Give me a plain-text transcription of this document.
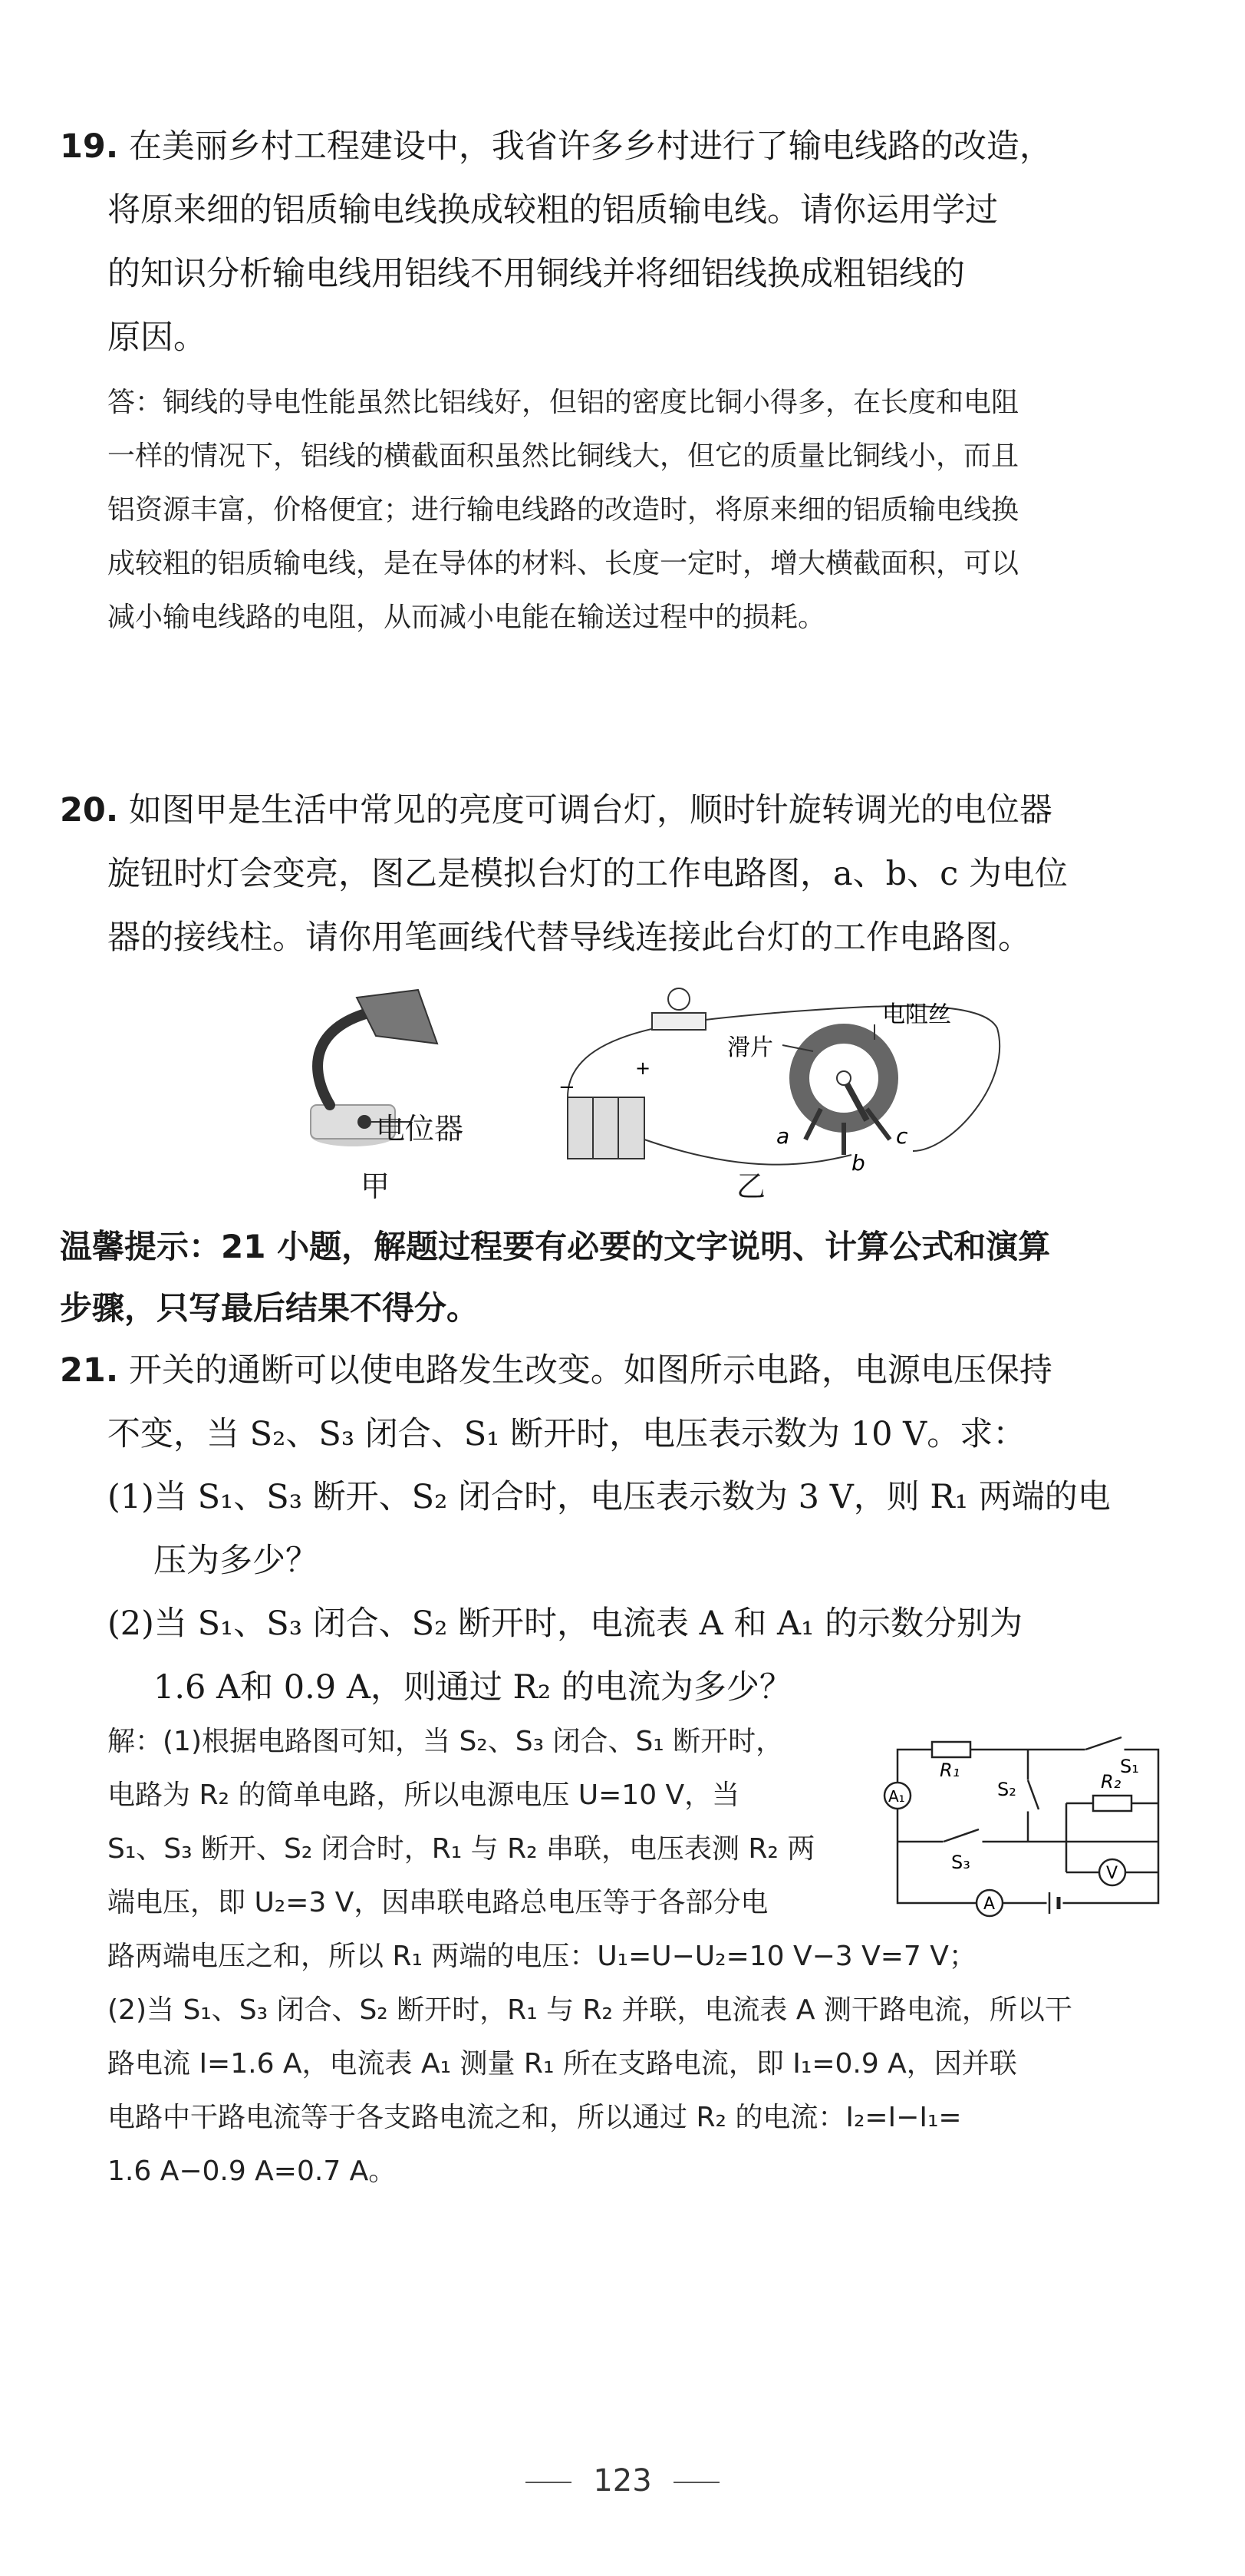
19. 在美丽乡村工程建设中，我省许多乡村进行了输电线路的改造，
将原来细的铝质输电线换成较粗的铝质输电线。请你运用学过
的知识分析输电线用铝线不用铜线并将细铝线换成粗铝线的
原因。
答：铜线的导电性能虽然比铝线好，但铝的密度比铜小得多，在长度和电阻
一样的情况下，铝线的横截面积虽然比铜线大，但它的质量比铜线小，而且
铝资源丰富，价格便宜；进行输电线路的改造时，将原来细的铝质输电线换
成较粗的铝质输电线，是在导体的材料、长度一定时，增大横截面积，可以
减小输电线路的电阻，从而减小电能在输送过程中的损耗。
20. 如图甲是生活中常见的亮度可调台灯，顺时针旋转调光的电位器
旋钮时灯会变亮，图乙是模拟台灯的工作电路图，a、b、c 为电位
器的接线柱。请你用笔画线代替导线连接此台灯的工作电路图。
电位器
甲
−
+
滑片
电阻丝
a
b
c
乙
温馨提示：21 小题，解题过程要有必要的文字说明、计算公式和演算
步骤，只写最后结果不得分。
21. 开关的通断可以使电路发生改变。如图所示电路，电源电压保持
不变，当 S₂、S₃ 闭合、S₁ 断开时，电压表示数为 10 V。求：
(1)当 S₁、S₃ 断开、S₂ 闭合时，电压表示数为 3 V，则 R₁ 两端的电
压为多少？
(2)当 S₁、S₃ 闭合、S₂ 断开时，电流表 A 和 A₁ 的示数分别为
1.6 A和 0.9 A，则通过 R₂ 的电流为多少？
解：(1)根据电路图可知，当 S₂、S₃ 闭合、S₁ 断开时，
电路为 R₂ 的简单电路，所以电源电压 U=10 V，当
S₁、S₃ 断开、S₂ 闭合时，R₁ 与 R₂ 串联，电压表测 R₂ 两
端电压，即 U₂=3 V，因串联电路总电压等于各部分电
路两端电压之和，所以 R₁ 两端的电压：U₁=U−U₂=10 V−3 V=7 V；
(2)当 S₁、S₃ 闭合、S₂ 断开时，R₁ 与 R₂ 并联，电流表 A 测干路电流，所以干
路电流 I=1.6 A，电流表 A₁ 测量 R₁ 所在支路电流，即 I₁=0.9 A，因并联
电路中干路电流等于各支路电流之和，所以通过 R₂ 的电流：I₂=I−I₁=
1.6 A−0.9 A=0.7 A。
R₁
R₂
S₁
S₂
S₃
A₁
A
V
123
